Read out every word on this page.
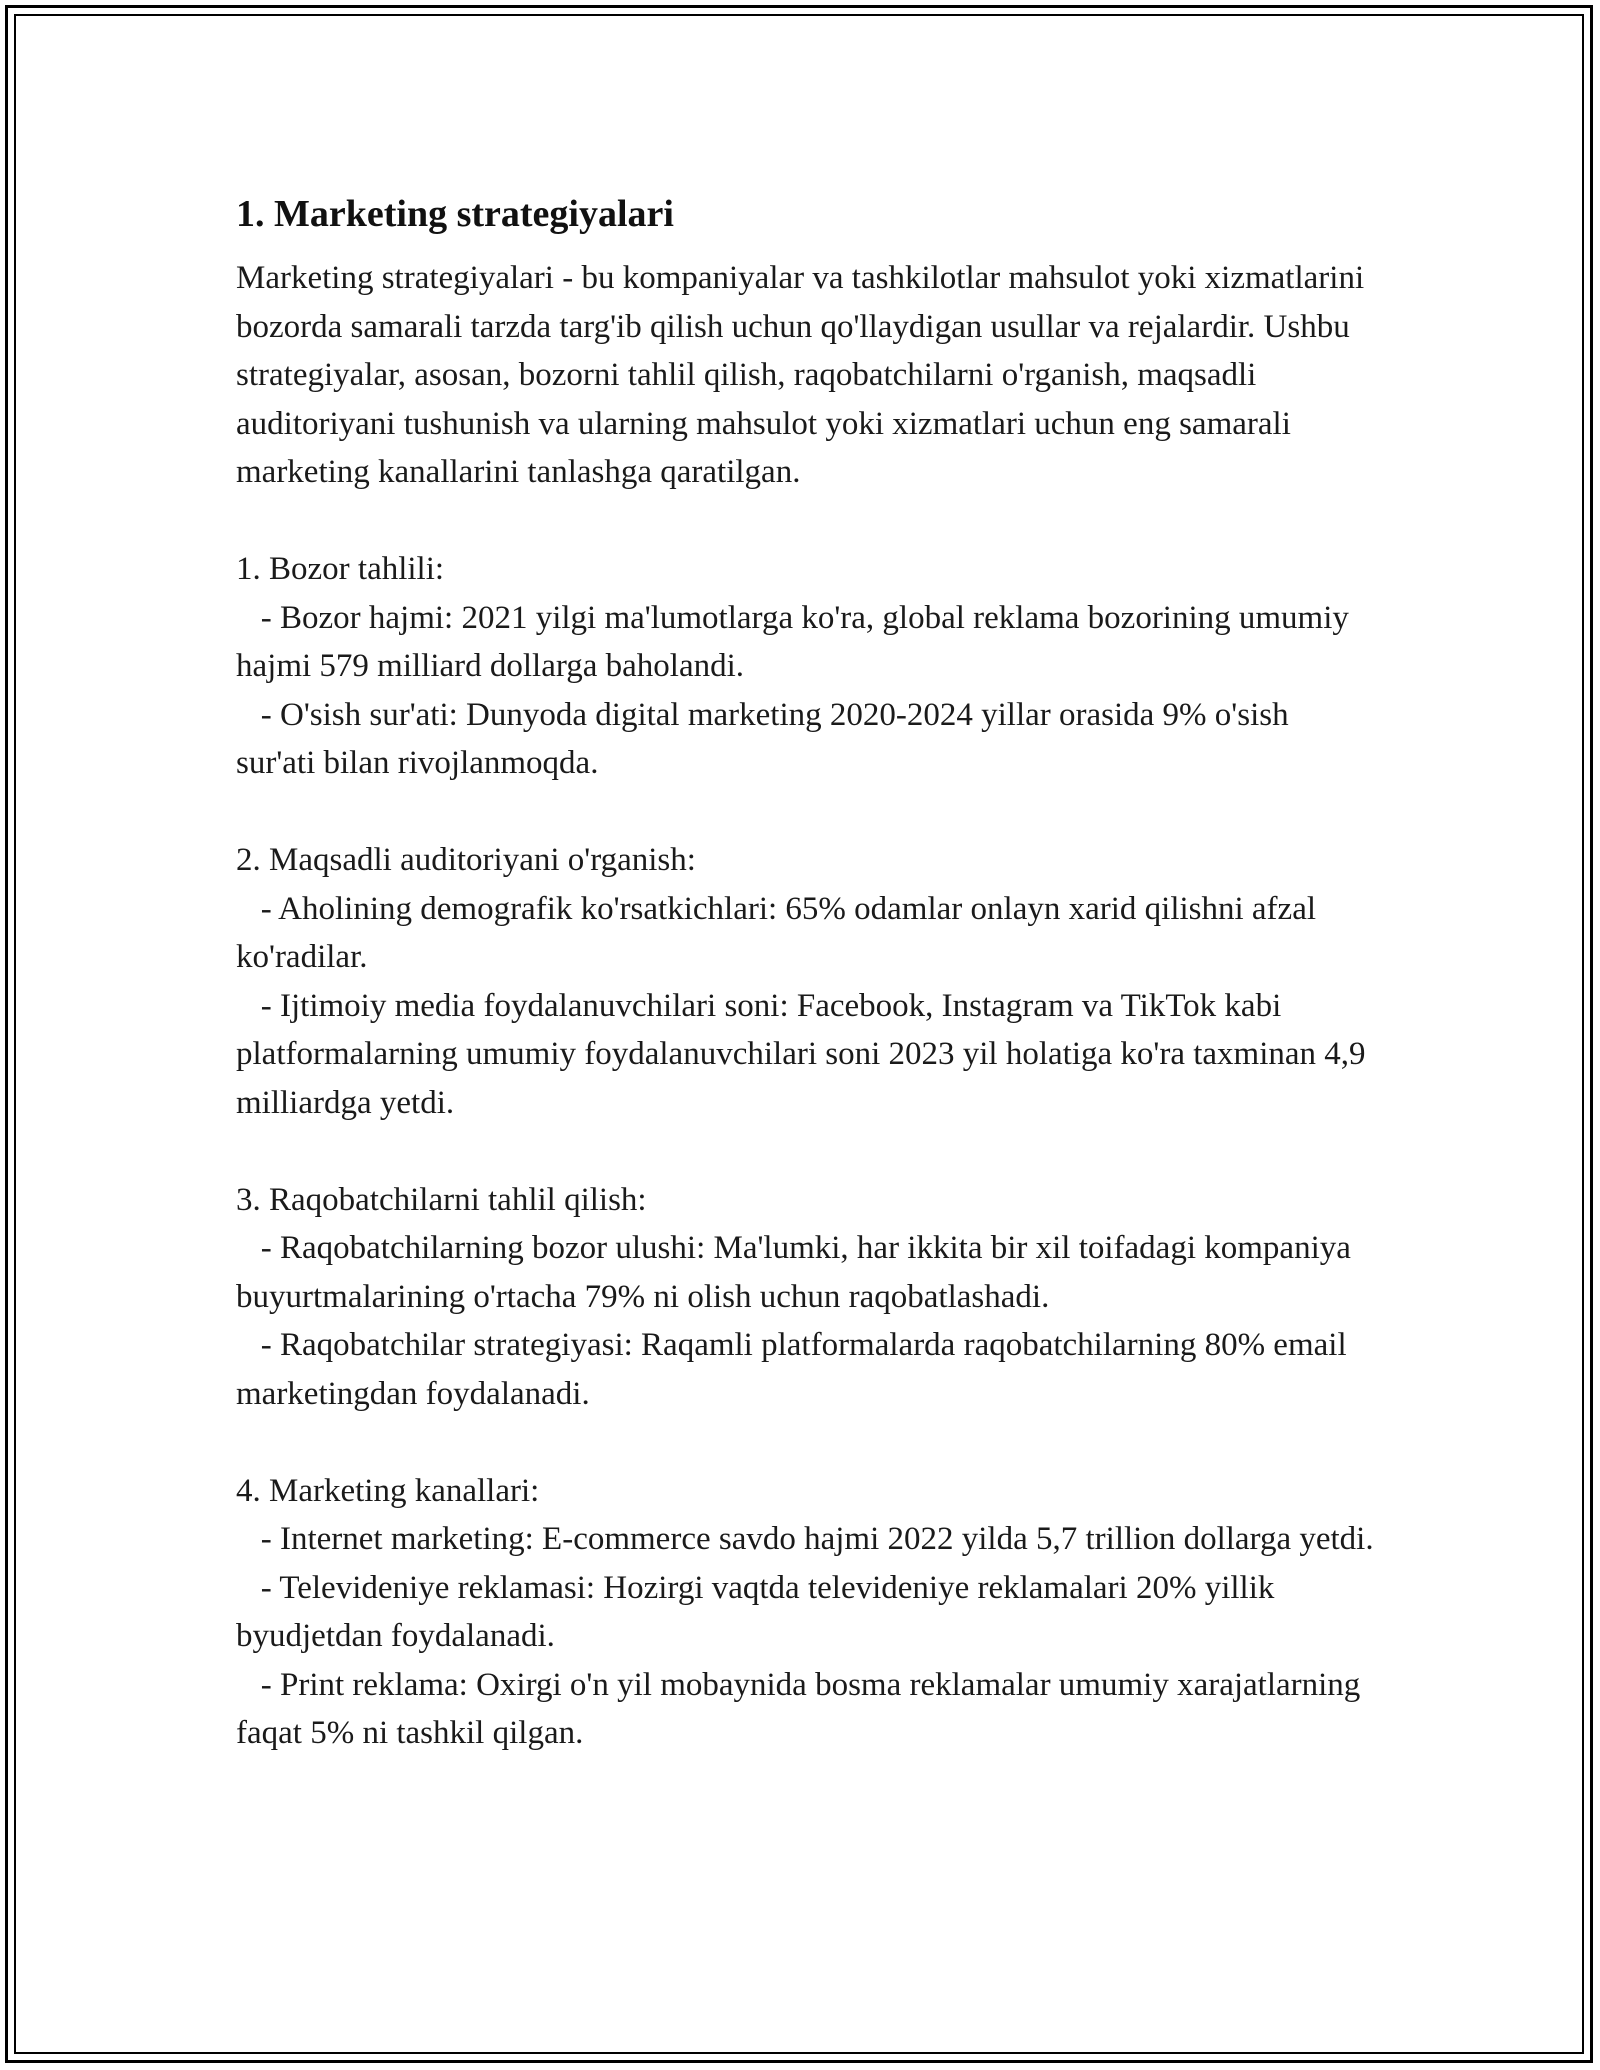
1. Marketing strategiyalari

Marketing strategiyalari - bu kompaniyalar va tashkilotlar mahsulot yoki xizmatlarini bozorda samarali tarzda targ'ib qilish uchun qo'llaydigan usullar va rejalardir. Ushbu strategiyalar, asosan, bozorni tahlil qilish, raqobatchilarni o'rganish, maqsadli auditoriyani tushunish va ularning mahsulot yoki xizmatlari uchun eng samarali marketing kanallarini tanlashga qaratilgan.

1. Bozor tahlili:
- Bozor hajmi: 2021 yilgi ma'lumotlarga ko'ra, global reklama bozorining umumiy hajmi 579 milliard dollarga baholandi.
- O'sish sur'ati: Dunyoda digital marketing 2020-2024 yillar orasida 9% o'sish sur'ati bilan rivojlanmoqda.
2. Maqsadli auditoriyani o'rganish:
- Aholining demografik ko'rsatkichlari: 65% odamlar onlayn xarid qilishni afzal ko'radilar.
- Ijtimoiy media foydalanuvchilari soni: Facebook, Instagram va TikTok kabi platformalarning umumiy foydalanuvchilari soni 2023 yil holatiga ko'ra taxminan 4,9 milliardga yetdi.
3. Raqobatchilarni tahlil qilish:
- Raqobatchilarning bozor ulushi: Ma'lumki, har ikkita bir xil toifadagi kompaniya buyurtmalarining o'rtacha 79% ni olish uchun raqobatlashadi.
- Raqobatchilar strategiyasi: Raqamli platformalarda raqobatchilarning 80% email marketingdan foydalanadi.
4. Marketing kanallari:
- Internet marketing: E-commerce savdo hajmi 2022 yilda 5,7 trillion dollarga yetdi.
- Televideniye reklamasi: Hozirgi vaqtda televideniye reklamalari 20% yillik byudjetdan foydalanadi.
- Print reklama: Oxirgi o'n yil mobaynida bosma reklamalar umumiy xarajatlarning faqat 5% ni tashkil qilgan.
